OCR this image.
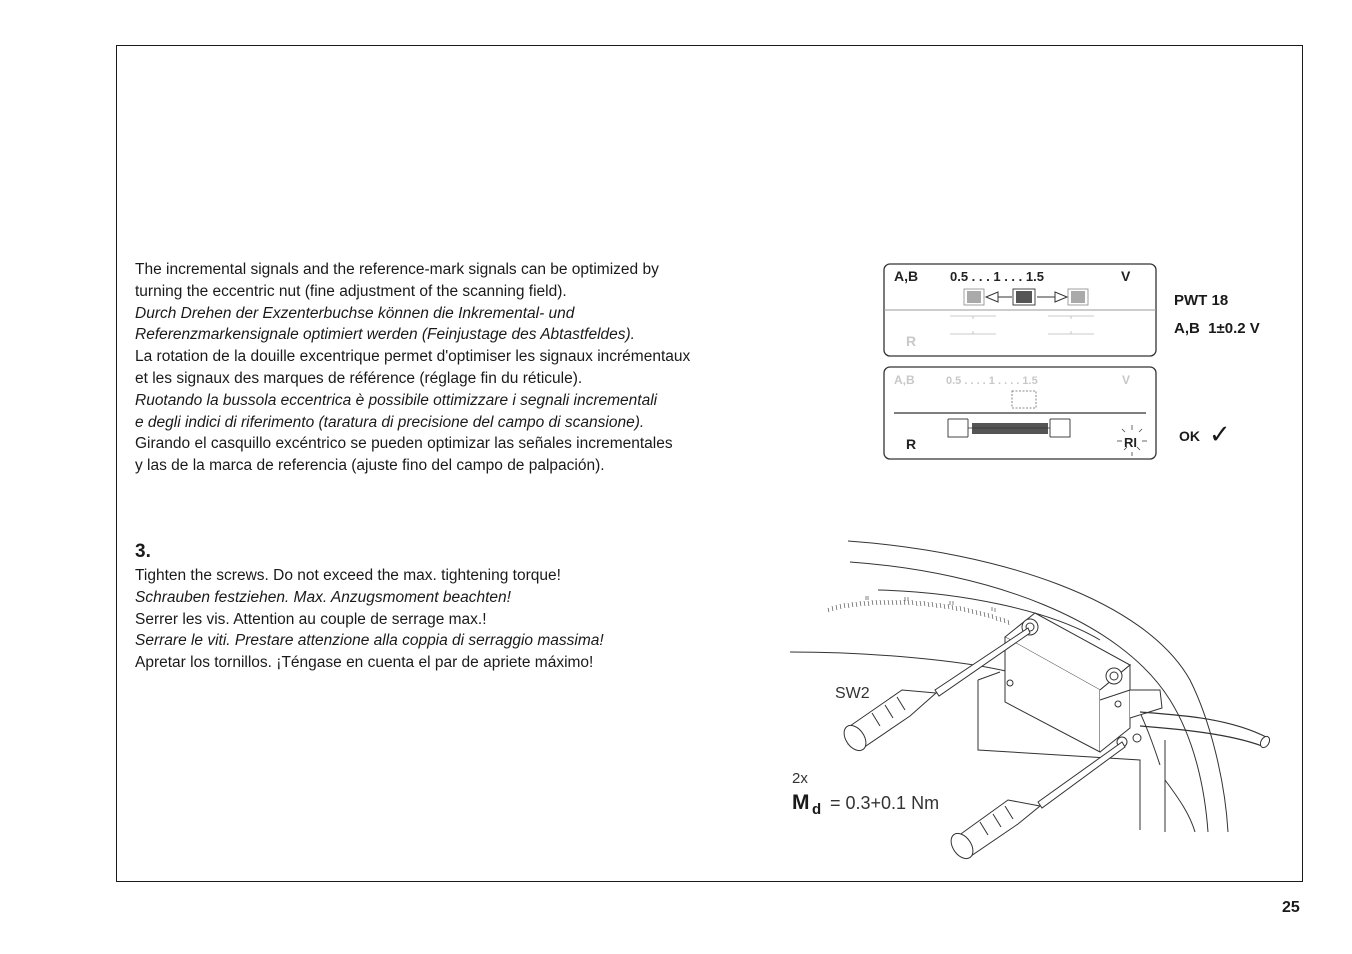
The incremental signals and the reference-mark signals can be optimized by
turning the eccentric nut (fine adjustment of the scanning field).
Durch Drehen der Exzenterbuchse können die Inkremental- und
Referenzmarkensignale optimiert werden (Feinjustage des Abtastfeldes).
La rotation de la douille excentrique permet d'optimiser les signaux incrémentaux
et les signaux des marques de référence (réglage fin du réticule).
Ruotando la bussola eccentrica è possibile ottimizzare i segnali incrementali
e degli indici di riferimento (taratura di precisione del campo di scansione).
Girando el casquillo excéntrico se pueden optimizar las señales incrementales
y las de la marca de referencia (ajuste fino del campo de palpación).
3.
Tighten the screws. Do not exceed the max. tightening torque!
Schrauben festziehen. Max. Anzugsmoment beachten!
Serrer les vis. Attention au couple de serrage max.!
Serrare le viti. Prestare attenzione alla coppia di serraggio massima!
Apretar los tornillos. ¡Téngase en cuenta el par de apriete máximo!
A,B 0.5 . . . 1 . . . 1.5	V
R
A,B	0.5 . . . . 1 . . . . 1.5	V
R	RI
PWT 18
A,B  1±0.2 V
OK ✓
SW2
2x
M d = 0.3+0.1 Nm
25
